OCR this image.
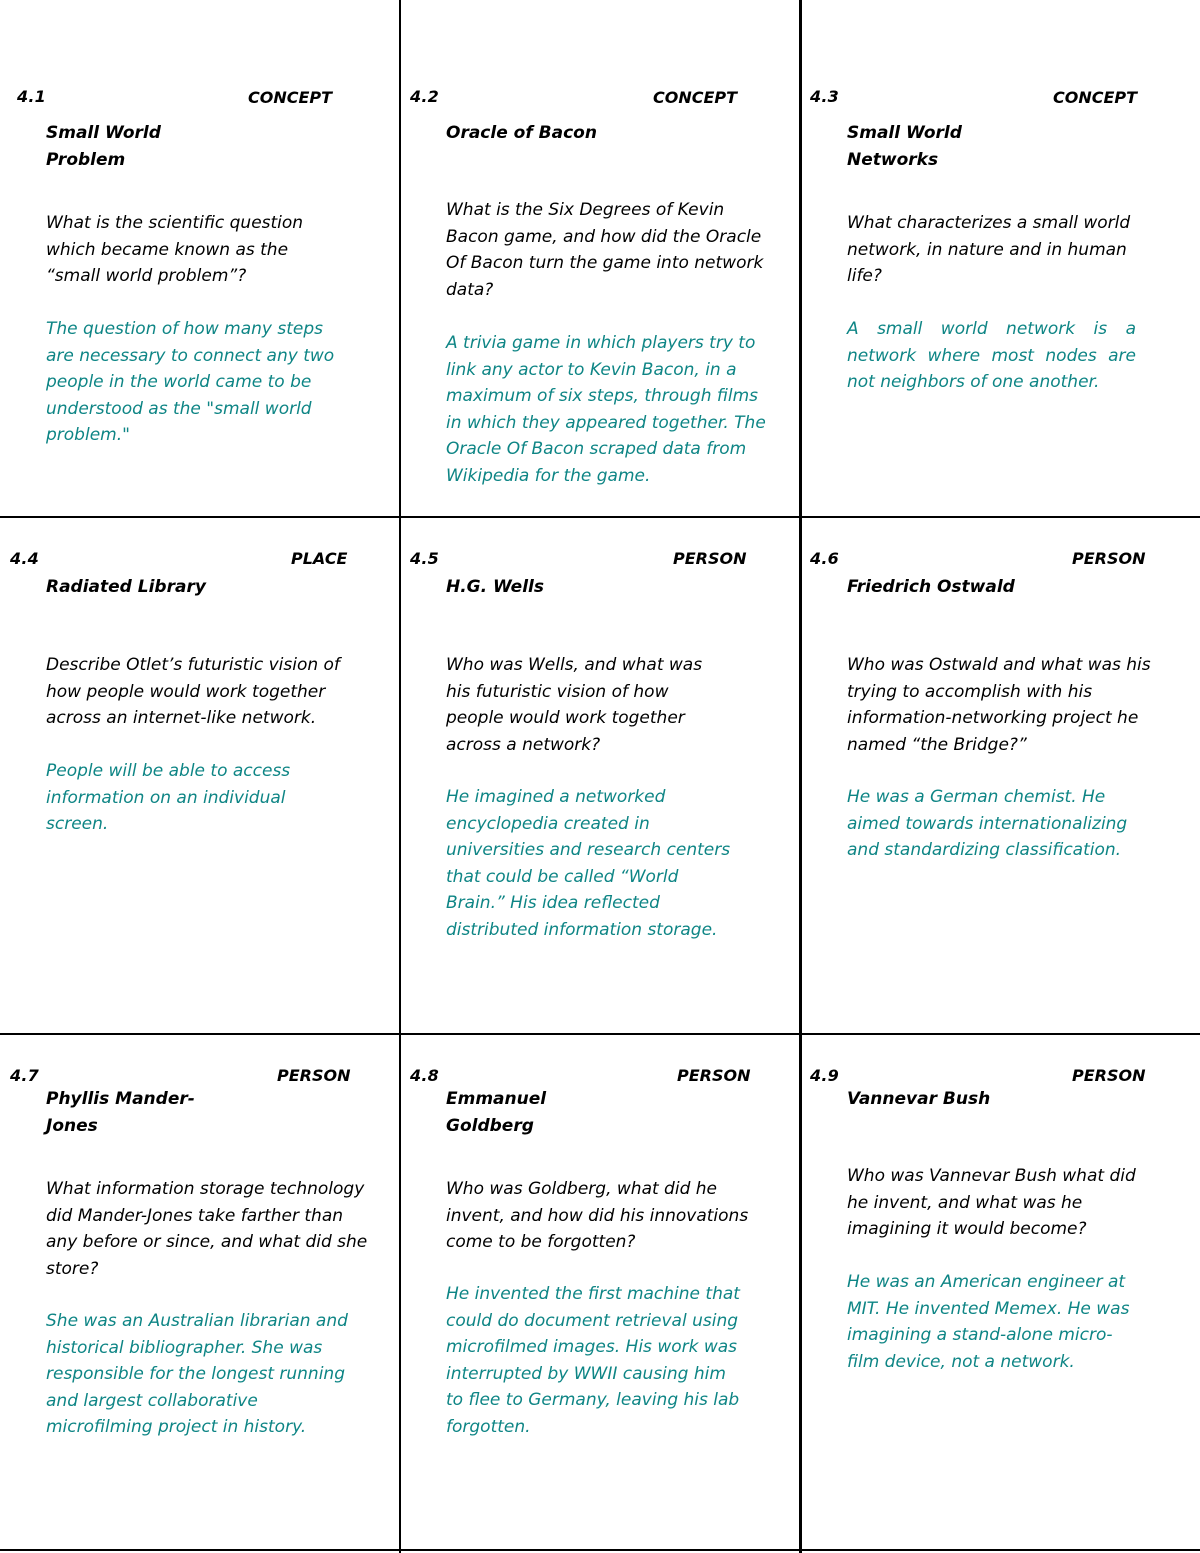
4.1	CONCEPT
Small World
Problem
What is the scientific question
which became known as the
“small world problem”?
The question of how many steps
are necessary to connect any two
people in the world came to be
understood as the "small world
problem."
4.2	CONCEPT
Oracle of Bacon
What is the Six Degrees of Kevin
Bacon game, and how did the Oracle
Of Bacon turn the game into network
data?
A trivia game in which players try to
link any actor to Kevin Bacon, in a
maximum of six steps, through films
in which they appeared together. The
Oracle Of Bacon scraped data from
Wikipedia for the game.
4.3	CONCEPT
Small World
Networks
What characterizes a small world
network, in nature and in human
life?
A small world network is a network where most nodes are not neighbors of one another.
4.4	PLACE
Radiated Library
Describe Otlet’s futuristic vision of
how people would work together
across an internet-like network.
People will be able to access
information on an individual
screen.
4.5	PERSON
H.G. Wells
Who was Wells, and what was
his futuristic vision of how
people would work together
across a network?
He imagined a networked
encyclopedia created in
universities and research centers
that could be called “World
Brain.” His idea reflected
distributed information storage.
4.6	PERSON
Friedrich Ostwald
Who was Ostwald and what was his
trying to accomplish with his
information-networking project he
named “the Bridge?”
He was a German chemist. He
aimed towards internationalizing
and standardizing classification.
4.7	PERSON
Phyllis Mander-
Jones
What information storage technology
did Mander-Jones take farther than
any before or since, and what did she
store?
She was an Australian librarian and
historical bibliographer. She was
responsible for the longest running
and largest collaborative
microfilming project in history.
4.8	PERSON
Emmanuel
Goldberg
Who was Goldberg, what did he
invent, and how did his innovations
come to be forgotten?
He invented the first machine that
could do document retrieval using
microfilmed images. His work was
interrupted by WWII causing him
to flee to Germany, leaving his lab
forgotten.
4.9	PERSON
Vannevar Bush
Who was Vannevar Bush what did
he invent, and what was he
imagining it would become?
He was an American engineer at
MIT. He invented Memex. He was
imagining a stand-alone micro-
film device, not a network.
